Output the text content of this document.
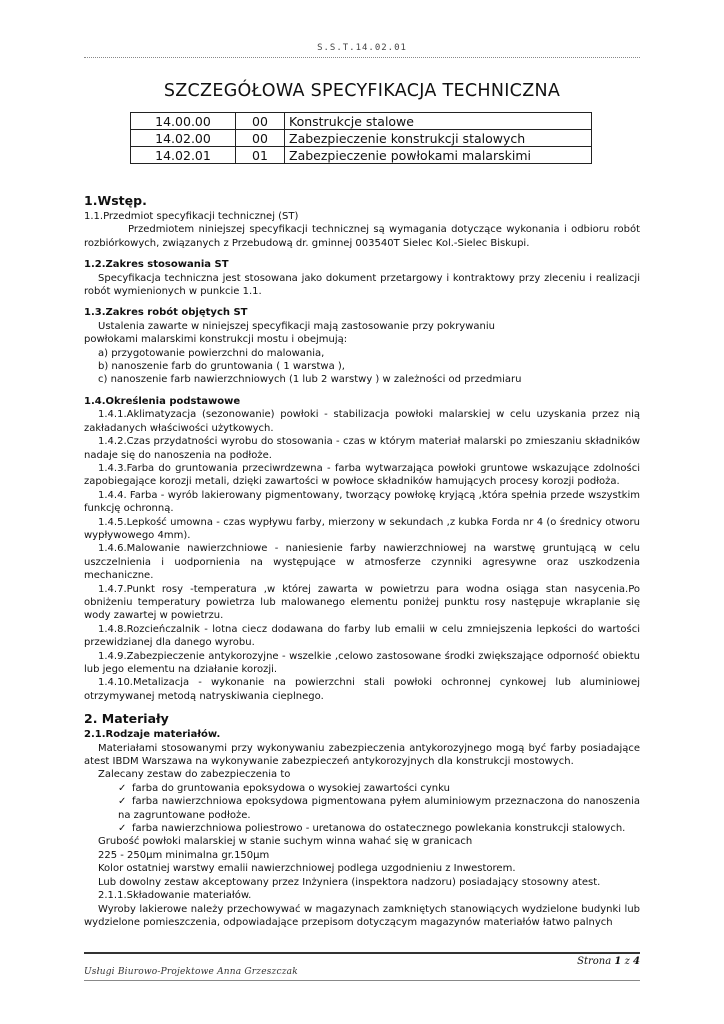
S.S.T.14.02.01
SZCZEGÓŁOWA SPECYFIKACJA TECHNICZNA
14.00.00	00	Konstrukcje stalowe
14.02.00	00	Zabezpieczenie konstrukcji stalowych
14.02.01	01	Zabezpieczenie powłokami malarskimi

1.Wstęp.

1.1.Przedmiot specyfikacji technicznej (ST)

Przedmiotem niniejszej specyfikacji technicznej są wymagania dotyczące wykonania i odbioru robót rozbiórkowych, związanych z Przebudową dr. gminnej 003540T Sielec Kol.-Sielec Biskupi.

1.2.Zakres stosowania ST

Specyfikacja techniczna jest stosowana jako dokument przetargowy i kontraktowy przy zleceniu i realizacji robót wymienionych w punkcie 1.1.

1.3.Zakres robót objętych ST

Ustalenia zawarte w niniejszej specyfikacji mają zastosowanie przy pokrywaniu

powłokami malarskimi konstrukcji mostu i obejmują:

a) przygotowanie powierzchni do malowania,

b) nanoszenie farb do gruntowania ( 1 warstwa ),

c) nanoszenie farb nawierzchniowych (1 lub 2 warstwy ) w zależności od przedmiaru

1.4.Określenia podstawowe

1.4.1.Aklimatyzacja (sezonowanie) powłoki - stabilizacja powłoki malarskiej w celu uzyskania przez nią zakładanych właściwości użytkowych.

1.4.2.Czas przydatności wyrobu do stosowania - czas w którym materiał malarski po zmieszaniu składników nadaje się do nanoszenia na podłoże.

1.4.3.Farba do gruntowania przeciwrdzewna - farba wytwarzająca powłoki gruntowe wskazujące zdolności zapobiegające korozji metali, dzięki zawartości w powłoce składników hamujących procesy korozji podłoża.

1.4.4. Farba - wyrób lakierowany pigmentowany, tworzący powłokę kryjącą ,która spełnia przede wszystkim funkcję ochronną.

1.4.5.Lepkość umowna - czas wypływu farby, mierzony w sekundach ,z kubka Forda nr 4 (o średnicy otworu wypływowego 4mm).

1.4.6.Malowanie nawierzchniowe - naniesienie farby nawierzchniowej na warstwę gruntującą w celu uszczelnienia i uodpornienia na występujące w atmosferze czynniki agresywne oraz uszkodzenia mechaniczne.

1.4.7.Punkt rosy -temperatura ,w której zawarta w powietrzu para wodna osiąga stan nasycenia.Po obniżeniu temperatury powietrza lub malowanego elementu poniżej punktu rosy następuje wkraplanie się wody zawartej w powietrzu.

1.4.8.Rozcieńczalnik - lotna ciecz dodawana do farby lub emalii w celu zmniejszenia lepkości do wartości przewidzianej dla danego wyrobu.

1.4.9.Zabezpieczenie antykorozyjne - wszelkie ,celowo zastosowane środki zwiększające odporność obiektu lub jego elementu na działanie korozji.

1.4.10.Metalizacja - wykonanie na powierzchni stali powłoki ochronnej cynkowej lub aluminiowej otrzymywanej metodą natryskiwania cieplnego.

2. Materiały

2.1.Rodzaje materiałów.

Materiałami stosowanymi przy wykonywaniu zabezpieczenia antykorozyjnego mogą być farby posiadające atest IBDM Warszawa na wykonywanie zabezpieczeń antykorozyjnych dla konstrukcji mostowych.

Zalecany zestaw do zabezpieczenia to

✓ farba do gruntowania epoksydowa o wysokiej zawartości cynku

✓ farba nawierzchniowa epoksydowa pigmentowana pyłem aluminiowym przeznaczona do nanoszenia na zagruntowane podłoże.

✓ farba nawierzchniowa poliestrowo - uretanowa do ostatecznego powlekania konstrukcji stalowych.

Grubość powłoki malarskiej w stanie suchym winna wahać się w granicach

225 - 250µm minimalna gr.150µm

Kolor ostatniej warstwy emalii nawierzchniowej podlega uzgodnieniu z Inwestorem.

Lub dowolny zestaw akceptowany przez Inżyniera (inspektora nadzoru) posiadający stosowny atest.

2.1.1.Składowanie materiałów.

Wyroby lakierowe należy przechowywać w magazynach zamkniętych stanowiących wydzielone budynki lub wydzielone pomieszczenia, odpowiadające przepisom dotyczącym magazynów materiałów łatwo palnych

Strona 1 z 4
Usługi Biurowo-Projektowe Anna Grzeszczak
